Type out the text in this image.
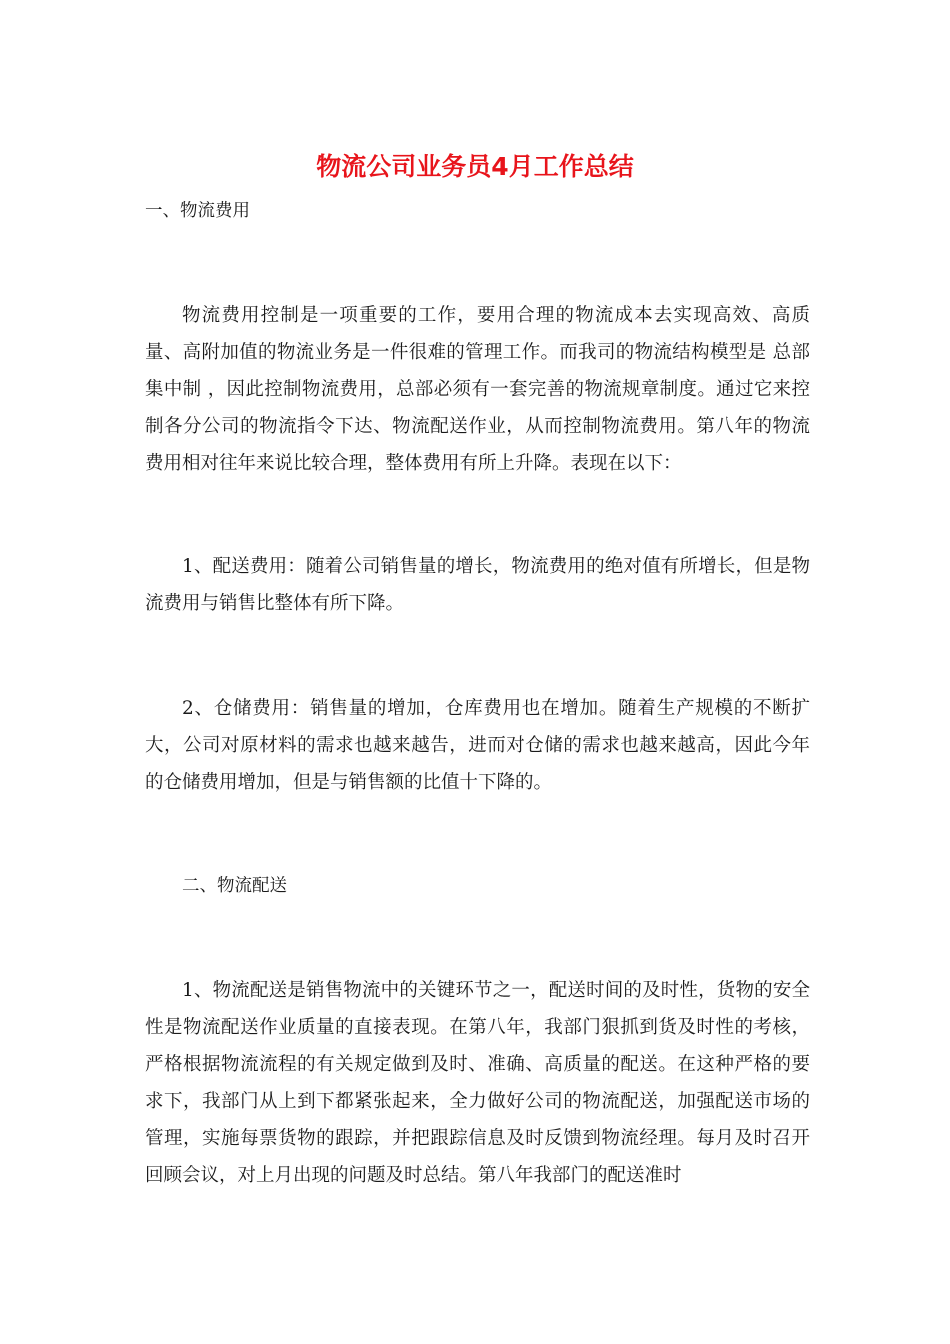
物流公司业务员4月工作总结

一、物流费用

物流费用控制是一项重要的工作，要用合理的物流成本去实现高效、高质量、高附加值的物流业务是一件很难的管理工作。而我司的物流结构模型是 总部集中制 ，因此控制物流费用，总部必须有一套完善的物流规章制度。通过它来控制各分公司的物流指令下达、物流配送作业，从而控制物流费用。第八年的物流费用相对往年来说比较合理，整体费用有所上升降。表现在以下：

1、配送费用：随着公司销售量的增长，物流费用的绝对值有所增长，但是物流费用与销售比整体有所下降。

2、仓储费用：销售量的增加，仓库费用也在增加。随着生产规模的不断扩大，公司对原材料的需求也越来越告，进而对仓储的需求也越来越高，因此今年的仓储费用增加，但是与销售额的比值十下降的。

二、物流配送

1、物流配送是销售物流中的关键环节之一，配送时间的及时性，货物的安全性是物流配送作业质量的直接表现。在第八年，我部门狠抓到货及时性的考核，严格根据物流流程的有关规定做到及时、准确、高质量的配送。在这种严格的要求下，我部门从上到下都紧张起来，全力做好公司的物流配送，加强配送市场的管理，实施每票货物的跟踪，并把跟踪信息及时反馈到物流经理。每月及时召开回顾会议，对上月出现的问题及时总结。第八年我部门的配送准时
